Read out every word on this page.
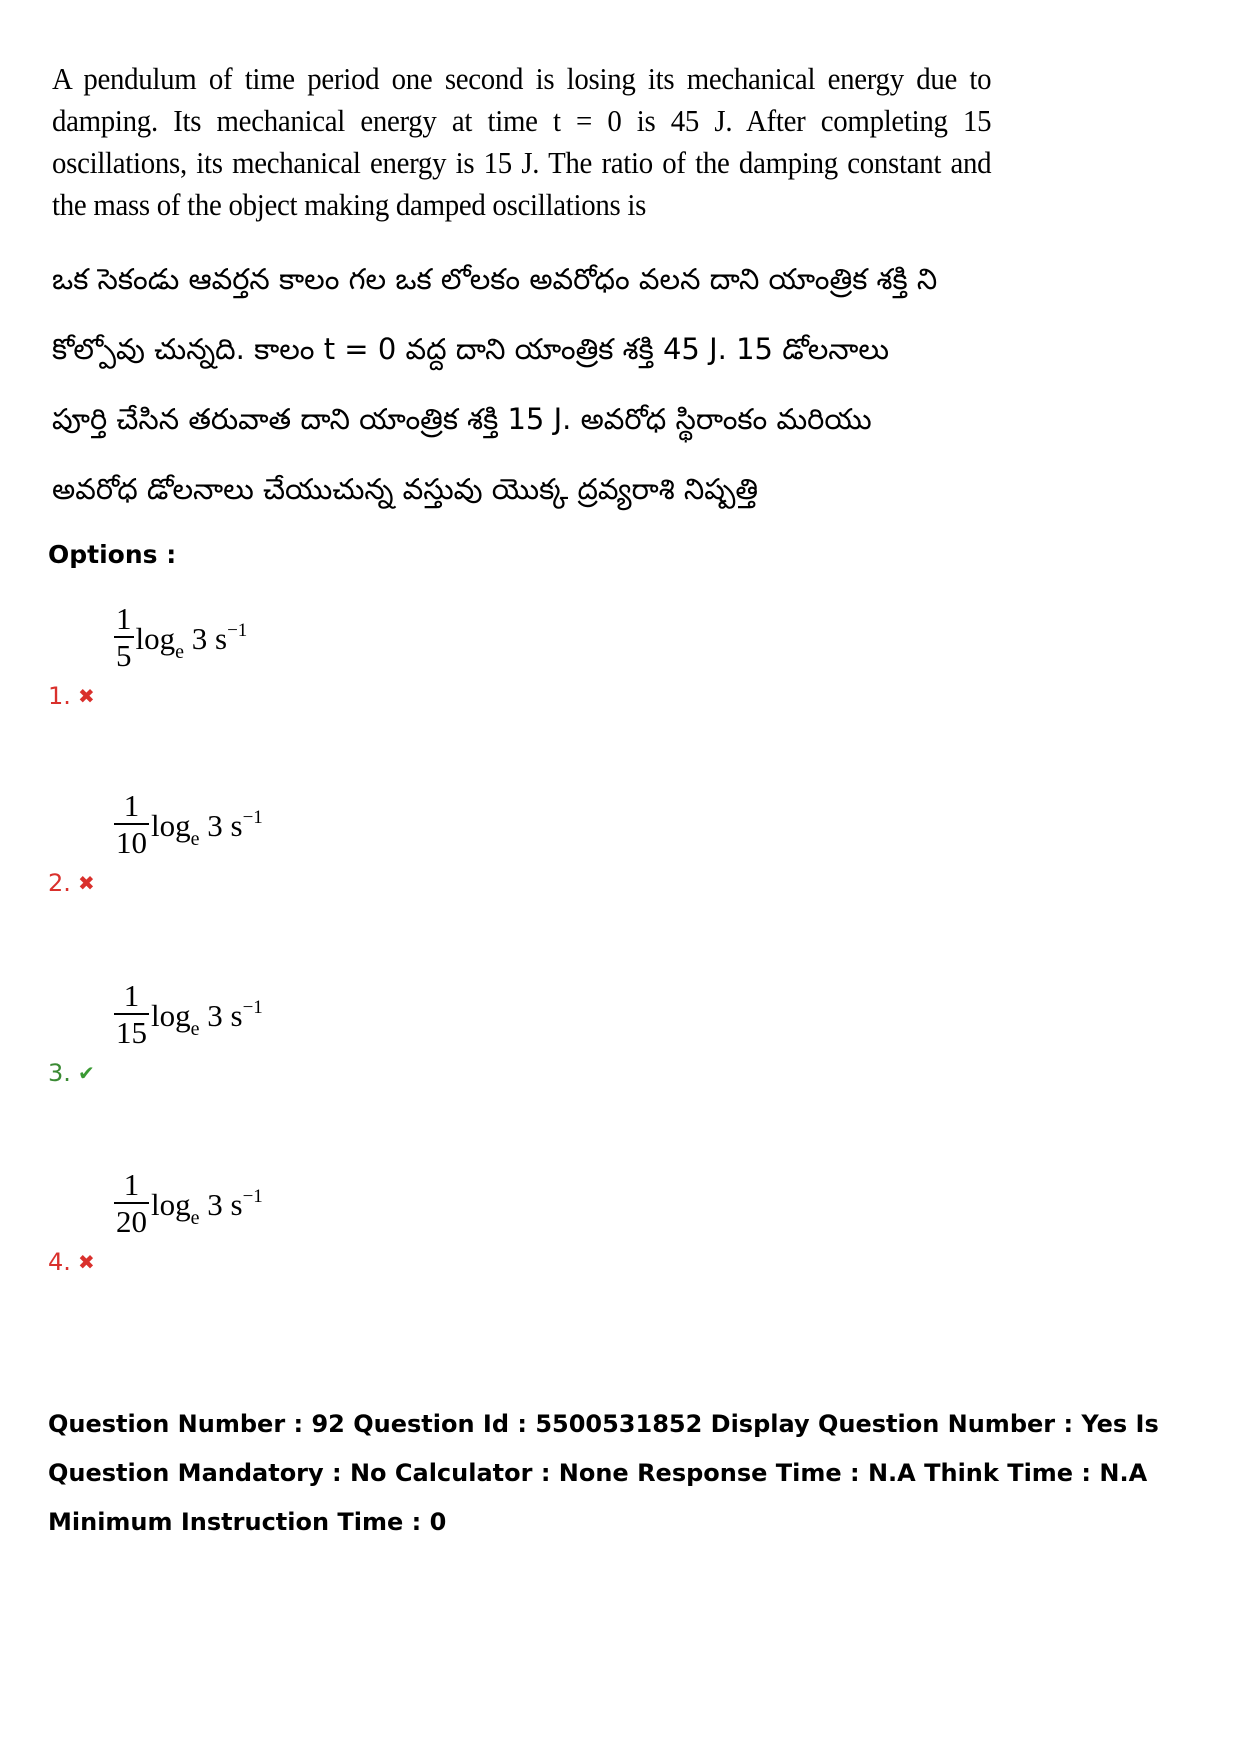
A pendulum of time period one second is losing its mechanical energy due to damping. Its mechanical energy at time t = 0 is 45 J. After completing 15 oscillations, its mechanical energy is 15 J. The ratio of the damping constant and the mass of the object making damped oscillations is

ఒక సెకండు ఆవర్తన కాలం గల ఒక లోలకం అవరోధం వలన దాని యాంత్రిక శక్తి ని కోల్పోవు చున్నది. కాలం t = 0 వద్ద దాని యాంత్రిక శక్తి 45 J. 15 డోలనాలు పూర్తి చేసిన తరువాత దాని యాంత్రిక శక్తి 15 J. అవరోధ స్థిరాంకం మరియు అవరోధ డోలనాలు చేయుచున్న వస్తువు యొక్క ద్రవ్యరాశి నిష్పత్తి

Options :

1. ✖
$\frac{1}{5} \log_e 3$ $s^{-1}$
2. ✖
$\frac{1}{10} \log_e 3$ $s^{-1}$
3. ✔
$\frac{1}{15} \log_e 3$ $s^{-1}$
4. ✖
$\frac{1}{20} \log_e 3$ $s^{-1}$

Question Number : 92 Question Id : 5500531852 Display Question Number : Yes Is Question Mandatory : No Calculator : None Response Time : N.A Think Time : N.A Minimum Instruction Time : 0
